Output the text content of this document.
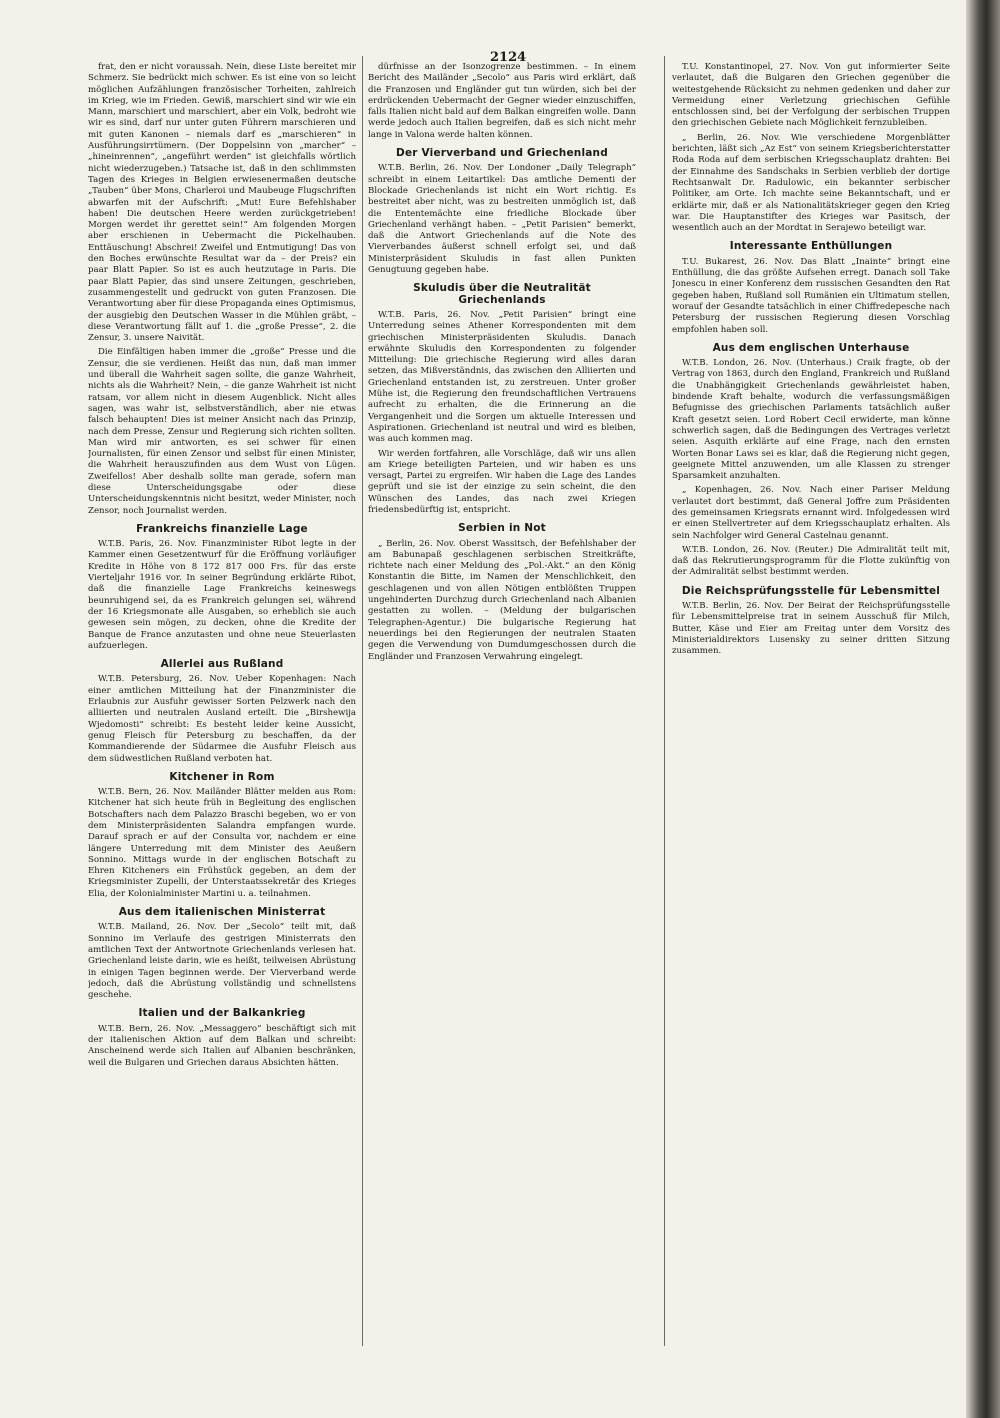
2124

frat, den er nicht voraussah. Nein, diese Liste bereitet mir Schmerz. Sie bedrückt mich schwer. Es ist eine von so leicht möglichen Aufzählungen französischer Torheiten, zahlreich im Krieg, wie im Frieden. Gewiß, marschiert sind wir wie ein Mann, marschiert und marschiert, aber ein Volk, bedroht wie wir es sind, darf nur unter guten Führern marschieren und mit guten Kanonen – niemals darf es „marschieren“ in Ausführungsirrtümern. (Der Doppelsinn von „marcher“ – „hineinrennen“, „angeführt werden“ ist gleichfalls wörtlich nicht wiederzugeben.) Tatsache ist, daß in den schlimmsten Tagen des Krieges in Belgien erwiesenermaßen deutsche „Tauben“ über Mons, Charleroi und Maubeuge Flugschriften abwarfen mit der Aufschrift: „Mut! Eure Befehlshaber haben! Die deutschen Heere werden zurückgetrieben! Morgen werdet ihr gerettet sein!“ Am folgenden Morgen aber erschienen in Uebermacht die Pickelhauben. Enttäuschung! Abschrei! Zweifel und Entmutigung! Das von den Boches erwünschte Resultat war da – der Preis? ein paar Blatt Papier. So ist es auch heutzutage in Paris. Die paar Blatt Papier, das sind unsere Zeitungen, geschrieben, zusammengestellt und gedruckt von guten Franzosen. Die Verantwortung aber für diese Propaganda eines Optimismus, der ausgiebig den Deutschen Wasser in die Mühlen gräbt, – diese Verantwortung fällt auf 1. die „große Presse“, 2. die Zensur, 3. unsere Naivität.

Die Einfältigen haben immer die „große“ Presse und die Zensur, die sie verdienen. Heißt das nun, daß man immer und überall die Wahrheit sagen sollte, die ganze Wahrheit, nichts als die Wahrheit? Nein, – die ganze Wahrheit ist nicht ratsam, vor allem nicht in diesem Augenblick. Nicht alles sagen, was wahr ist, selbstverständlich, aber nie etwas falsch behaupten! Dies ist meiner Ansicht nach das Prinzip, nach dem Presse, Zensur und Regierung sich richten sollten. Man wird mir antworten, es sei schwer für einen Journalisten, für einen Zensor und selbst für einen Minister, die Wahrheit herauszufinden aus dem Wust von Lügen. Zweifellos! Aber deshalb sollte man gerade, sofern man diese Unterscheidungsgabe oder diese Unterscheidungskenntnis nicht besitzt, weder Minister, noch Zensor, noch Journalist werden.

Frankreichs finanzielle Lage

W.T.B. Paris, 26. Nov. Finanzminister Ribot legte in der Kammer einen Gesetzentwurf für die Eröffnung vorläufiger Kredite in Höhe von 8 172 817 000 Frs. für das erste Vierteljahr 1916 vor. In seiner Begründung erklärte Ribot, daß die finanzielle Lage Frankreichs keineswegs beunruhigend sei, da es Frankreich gelungen sei, während der 16 Kriegsmonate alle Ausgaben, so erheblich sie auch gewesen sein mögen, zu decken, ohne die Kredite der Banque de France anzutasten und ohne neue Steuerlasten aufzuerlegen.

Allerlei aus Rußland

W.T.B. Petersburg, 26. Nov. Ueber Kopenhagen: Nach einer amtlichen Mitteilung hat der Finanzminister die Erlaubnis zur Ausfuhr gewisser Sorten Pelzwerk nach den alliierten und neutralen Ausland erteilt. Die „Birshewija Wjedomosti“ schreibt: Es besteht leider keine Aussicht, genug Fleisch für Petersburg zu beschaffen, da der Kommandierende der Südarmee die Ausfuhr Fleisch aus dem südwestlichen Rußland verboten hat.

Kitchener in Rom

W.T.B. Bern, 26. Nov. Mailänder Blätter melden aus Rom: Kitchener hat sich heute früh in Begleitung des englischen Botschafters nach dem Palazzo Braschi begeben, wo er von dem Ministerpräsidenten Salandra empfangen wurde. Darauf sprach er auf der Consulta vor, nachdem er eine längere Unterredung mit dem Minister des Aeußern Sonnino. Mittags wurde in der englischen Botschaft zu Ehren Kitcheners ein Frühstück gegeben, an dem der Kriegsminister Zupelli, der Unterstaatssekretär des Krieges Elia, der Kolonialminister Martini u. a. teilnahmen.

Aus dem italienischen Ministerrat

W.T.B. Mailand, 26. Nov. Der „Secolo“ teilt mit, daß Sonnino im Verlaufe des gestrigen Ministerrats den amtlichen Text der Antwortnote Griechenlands verlesen hat. Griechenland leiste darin, wie es heißt, teilweisen Abrüstung in einigen Tagen beginnen werde. Der Vierverband werde jedoch, daß die Abrüstung vollständig und schnellstens geschehe.

Italien und der Balkankrieg

W.T.B. Bern, 26. Nov. „Messaggero“ beschäftigt sich mit der italienischen Aktion auf dem Balkan und schreibt: Anscheinend werde sich Italien auf Albanien beschränken, weil die Bulgaren und Griechen daraus Absichten hätten.

dürfnisse an der Isonzogrenze bestimmen. – In einem Bericht des Mailänder „Secolo“ aus Paris wird erklärt, daß die Franzosen und Engländer gut tun würden, sich bei der erdrückenden Uebermacht der Gegner wieder einzuschiffen, falls Italien nicht bald auf dem Balkan eingreifen wolle. Dann werde jedoch auch Italien begreifen, daß es sich nicht mehr lange in Valona werde halten können.

Der Vierverband und Griechenland

W.T.B. Berlin, 26. Nov. Der Londoner „Daily Telegraph“ schreibt in einem Leitartikel: Das amtliche Dementi der Blockade Griechenlands ist nicht ein Wort richtig. Es bestreitet aber nicht, was zu bestreiten unmöglich ist, daß die Ententemächte eine friedliche Blockade über Griechenland verhängt haben. – „Petit Parisien“ bemerkt, daß die Antwort Griechenlands auf die Note des Vierverbandes äußerst schnell erfolgt sei, und daß Ministerpräsident Skuludis in fast allen Punkten Genugtuung gegeben habe.

Skuludis über die Neutralität Griechenlands

W.T.B. Paris, 26. Nov. „Petit Parisien“ bringt eine Unterredung seines Athener Korrespondenten mit dem griechischen Ministerpräsidenten Skuludis. Danach erwähnte Skuludis den Korrespondenten zu folgender Mitteilung: Die griechische Regierung wird alles daran setzen, das Mißverständnis, das zwischen den Alliierten und Griechenland entstanden ist, zu zerstreuen. Unter großer Mühe ist, die Regierung den freundschaftlichen Vertrauens aufrecht zu erhalten, die die Erinnerung an die Vergangenheit und die Sorgen um aktuelle Interessen und Aspirationen. Griechenland ist neutral und wird es bleiben, was auch kommen mag.

Wir werden fortfahren, alle Vorschläge, daß wir uns allen am Kriege beteiligten Parteien, und wir haben es uns versagt, Partei zu ergreifen. Wir haben die Lage des Landes geprüft und sie ist der einzige zu sein scheint, die den Wünschen des Landes, das nach zwei Kriegen friedensbedürftig ist, entspricht.

Serbien in Not

„ Berlin, 26. Nov. Oberst Wassitsch, der Befehlshaber der am Babunapaß geschlagenen serbischen Streitkräfte, richtete nach einer Meldung des „Pol.-Akt.“ an den König Konstantin die Bitte, im Namen der Menschlichkeit, den geschlagenen und von allen Nötigen entblößten Truppen ungehinderten Durchzug durch Griechenland nach Albanien gestatten zu wollen. – (Meldung der bulgarischen Telegraphen-Agentur.) Die bulgarische Regierung hat neuerdings bei den Regierungen der neutralen Staaten gegen die Verwendung von Dumdumgeschossen durch die Engländer und Franzosen Verwahrung eingelegt.

T.U. Konstantinopel, 27. Nov. Von gut informierter Seite verlautet, daß die Bulgaren den Griechen gegenüber die weitestgehende Rücksicht zu nehmen gedenken und daher zur Vermeidung einer Verletzung griechischen Gefühle entschlossen sind, bei der Verfolgung der serbischen Truppen den griechischen Gebiete nach Möglichkeit fernzubleiben.

„ Berlin, 26. Nov. Wie verschiedene Morgenblätter berichten, läßt sich „Az Est“ von seinem Kriegsberichterstatter Roda Roda auf dem serbischen Kriegsschauplatz drahten: Bei der Einnahme des Sandschaks in Serbien verblieb der dortige Rechtsanwalt Dr. Radulowic, ein bekannter serbischer Politiker, am Orte. Ich machte seine Bekanntschaft, und er erklärte mir, daß er als Nationalitätskrieger gegen den Krieg war. Die Hauptanstifter des Krieges war Pasitsch, der wesentlich auch an der Mordtat in Serajewo beteiligt war.

Interessante Enthüllungen

T.U. Bukarest, 26. Nov. Das Blatt „Inainte“ bringt eine Enthüllung, die das größte Aufsehen erregt. Danach soll Take Jonescu in einer Konferenz dem russischen Gesandten den Rat gegeben haben, Rußland soll Rumänien ein Ultimatum stellen, worauf der Gesandte tatsächlich in einer Chiffredepesche nach Petersburg der russischen Regierung diesen Vorschlag empfohlen haben soll.

Aus dem englischen Unterhause

W.T.B. London, 26. Nov. (Unterhaus.) Craik fragte, ob der Vertrag von 1863, durch den England, Frankreich und Rußland die Unabhängigkeit Griechenlands gewährleistet haben, bindende Kraft behalte, wodurch die verfassungsmäßigen Befugnisse des griechischen Parlaments tatsächlich außer Kraft gesetzt seien. Lord Robert Cecil erwiderte, man könne schwerlich sagen, daß die Bedingungen des Vertrages verletzt seien. Asquith erklärte auf eine Frage, nach den ernsten Worten Bonar Laws sei es klar, daß die Regierung nicht gegen, geeignete Mittel anzuwenden, um alle Klassen zu strenger Sparsamkeit anzuhalten.

„ Kopenhagen, 26. Nov. Nach einer Pariser Meldung verlautet dort bestimmt, daß General Joffre zum Präsidenten des gemeinsamen Kriegsrats ernannt wird. Infolgedessen wird er einen Stellvertreter auf dem Kriegsschauplatz erhalten. Als sein Nachfolger wird General Castelnau genannt.

W.T.B. London, 26. Nov. (Reuter.) Die Admiralität teilt mit, daß das Rekrutierungsprogramm für die Flotte zukünftig von der Admiralität selbst bestimmt werden.

Die Reichsprüfungsstelle für Lebensmittel

W.T.B. Berlin, 26. Nov. Der Beirat der Reichsprüfungsstelle für Lebensmittelpreise trat in seinem Ausschuß für Milch, Butter, Käse und Eier am Freitag unter dem Vorsitz des Ministerialdirektors Lusensky zu seiner dritten Sitzung zusammen.
